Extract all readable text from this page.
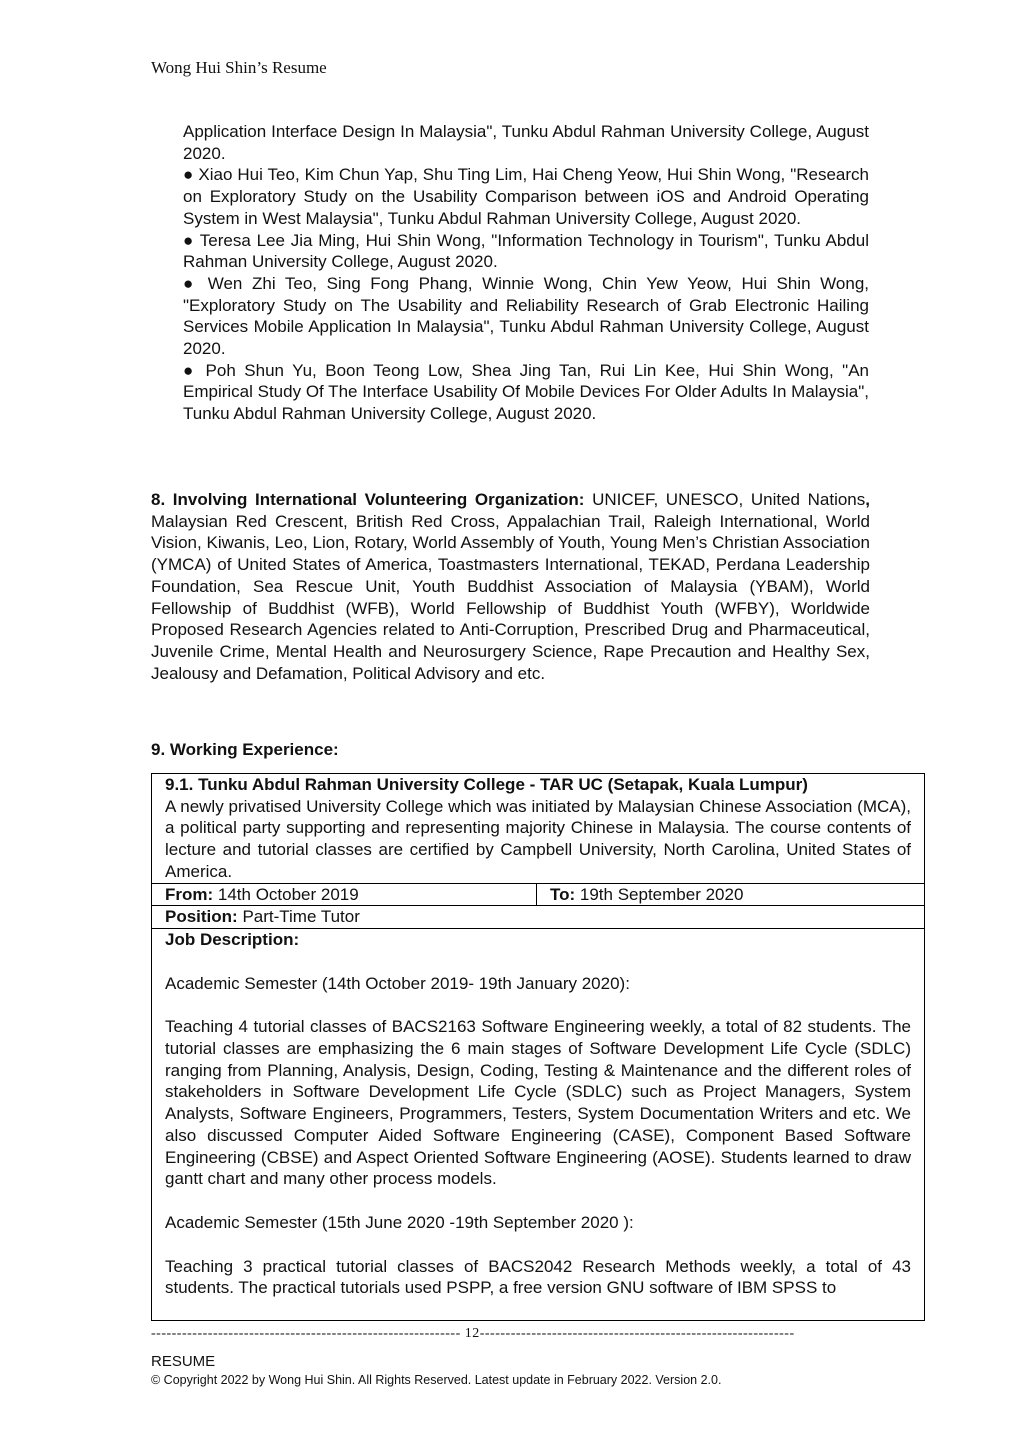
Wong Hui Shin’s Resume

Application Interface Design In Malaysia", Tunku Abdul Rahman University College, August 2020.

● Xiao Hui Teo, Kim Chun Yap, Shu Ting Lim, Hai Cheng Yeow, Hui Shin Wong, "Research on Exploratory Study on the Usability Comparison between iOS and Android Operating System in West Malaysia", Tunku Abdul Rahman University College, August 2020.

● Teresa Lee Jia Ming, Hui Shin Wong, "Information Technology in Tourism", Tunku Abdul Rahman University College, August 2020.

● Wen Zhi Teo, Sing Fong Phang, Winnie Wong, Chin Yew Yeow, Hui Shin Wong, "Exploratory Study on The Usability and Reliability Research of Grab Electronic Hailing Services Mobile Application In Malaysia", Tunku Abdul Rahman University College, August 2020.

● Poh Shun Yu, Boon Teong Low, Shea Jing Tan, Rui Lin Kee, Hui Shin Wong, "An Empirical Study Of The Interface Usability Of Mobile Devices For Older Adults In Malaysia", Tunku Abdul Rahman University College, August 2020.

8. Involving International Volunteering Organization: UNICEF, UNESCO, United Nations, Malaysian Red Crescent, British Red Cross, Appalachian Trail, Raleigh International, World Vision, Kiwanis, Leo, Lion, Rotary, World Assembly of Youth, Young Men’s Christian Association (YMCA) of United States of America, Toastmasters International, TEKAD, Perdana Leadership Foundation, Sea Rescue Unit, Youth Buddhist Association of Malaysia (YBAM), World Fellowship of Buddhist (WFB), World Fellowship of Buddhist Youth (WFBY), Worldwide Proposed Research Agencies related to Anti-Corruption, Prescribed Drug and Pharmaceutical, Juvenile Crime, Mental Health and Neurosurgery Science, Rape Precaution and Healthy Sex, Jealousy and Defamation, Political Advisory and etc.
9. Working Experience:
9.1. Tunku Abdul Rahman University College - TAR UC (Setapak, Kuala Lumpur)
A newly privatised University College which was initiated by Malaysian Chinese Association (MCA), a political party supporting and representing majority Chinese in Malaysia. The course contents of lecture and tutorial classes are certified by Campbell University, North Carolina, United States of America.
From: 14th October 2019	To: 19th September 2020
Position: Part-Time Tutor

Job Description:

Academic Semester (14th October 2019- 19th January 2020):

Teaching 4 tutorial classes of BACS2163 Software Engineering weekly, a total of 82 students. The tutorial classes are emphasizing the 6 main stages of Software Development Life Cycle (SDLC) ranging from Planning, Analysis, Design, Coding, Testing & Maintenance and the different roles of stakeholders in Software Development Life Cycle (SDLC) such as Project Managers, System Analysts, Software Engineers, Programmers, Testers, System Documentation Writers and etc. We also discussed Computer Aided Software Engineering (CASE), Component Based Software Engineering (CBSE) and Aspect Oriented Software Engineering (AOSE). Students learned to draw gantt chart and many other process models.

Academic Semester (15th June 2020 -19th September 2020 ):

Teaching 3 practical tutorial classes of BACS2042 Research Methods weekly, a total of 43 students. The practical tutorials used PSPP, a free version GNU software of IBM SPSS to

------------------------------------------------------------ 12-------------------------------------------------------------
RESUME
© Copyright 2022 by Wong Hui Shin. All Rights Reserved. Latest update in February 2022. Version 2.0.
